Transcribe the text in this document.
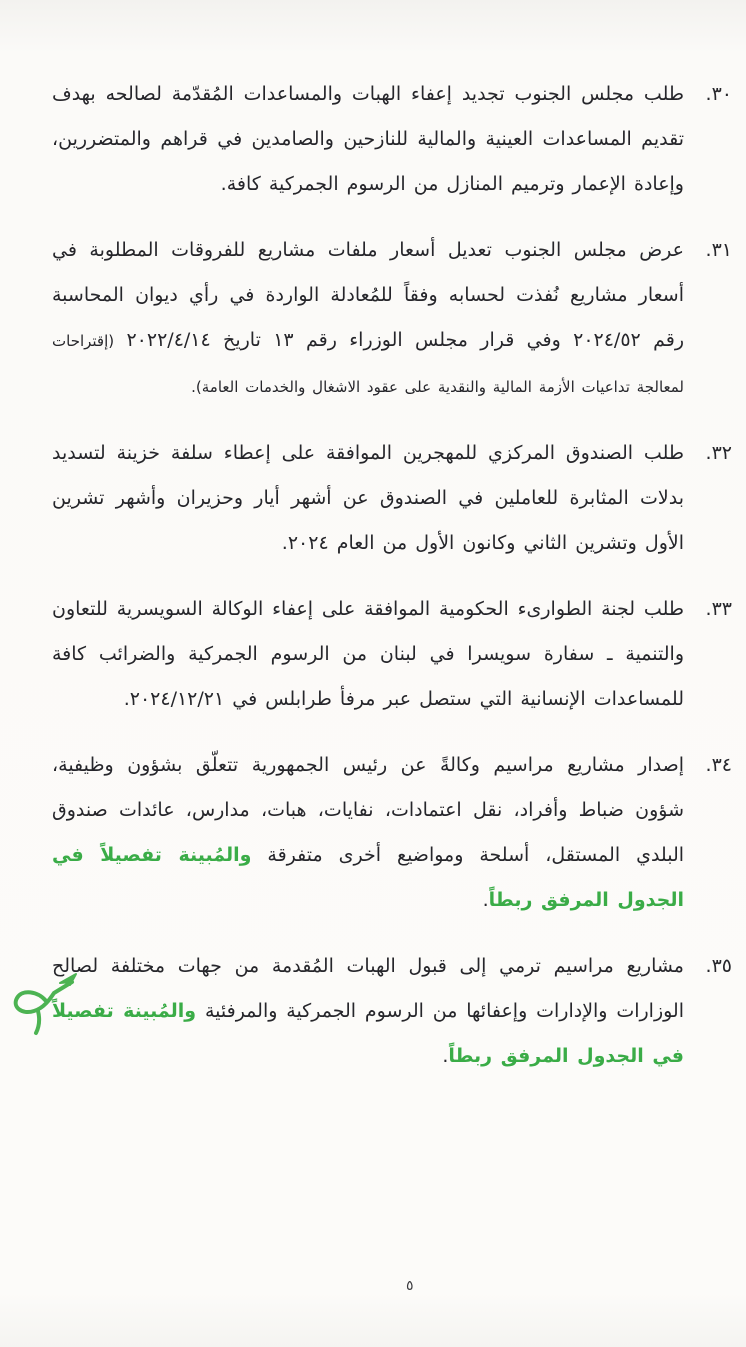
٣٠.

طلب مجلس الجنوب تجديد إعفاء الهبات والمساعدات المُقدّمة لصالحه بهدف تقديم المساعدات العينية والمالية للنازحين والصامدين في قراهم والمتضررين، وإعادة الإعمار وترميم المنازل من الرسوم الجمركية كافة.

٣١.

عرض مجلس الجنوب تعديل أسعار ملفات مشاريع للفروقات المطلوبة في أسعار مشاريع نُفذت لحسابه وفقاً للمُعادلة الواردة في رأي ديوان المحاسبة رقم ٢٠٢٤/٥٢ وفي قرار مجلس الوزراء رقم ١٣ تاريخ ٢٠٢٢/٤/١٤ (إقتراحات لمعالجة تداعيات الأزمة المالية والنقدية على عقود الاشغال والخدمات العامة).

٣٢.

طلب الصندوق المركزي للمهجرين الموافقة على إعطاء سلفة خزينة لتسديد بدلات المثابرة للعاملين في الصندوق عن أشهر أيار وحزيران وأشهر تشرين الأول وتشرين الثاني وكانون الأول من العام ٢٠٢٤.

٣٣.

طلب لجنة الطوارىء الحكومية الموافقة على إعفاء الوكالة السويسرية للتعاون والتنمية ـ سفارة سويسرا في لبنان من الرسوم الجمركية والضرائب كافة للمساعدات الإنسانية التي ستصل عبر مرفأ طرابلس في ٢٠٢٤/١٢/٢١.

٣٤.

إصدار مشاريع مراسيم وكالةً عن رئيس الجمهورية تتعلّق بشؤون وظيفية، شؤون ضباط وأفراد، نقل اعتمادات، نفايات، هبات، مدارس، عائدات صندوق البلدي المستقل، أسلحة ومواضيع أخرى متفرقة والمُبينة تفصيلاً في الجدول المرفق ربطاً.

٣٥.

مشاريع مراسيم ترمي إلى قبول الهبات المُقدمة من جهات مختلفة لصالح الوزارات والإدارات وإعفائها من الرسوم الجمركية والمرفئية والمُبينة تفصيلاً في الجدول المرفق ربطاً.

٥
